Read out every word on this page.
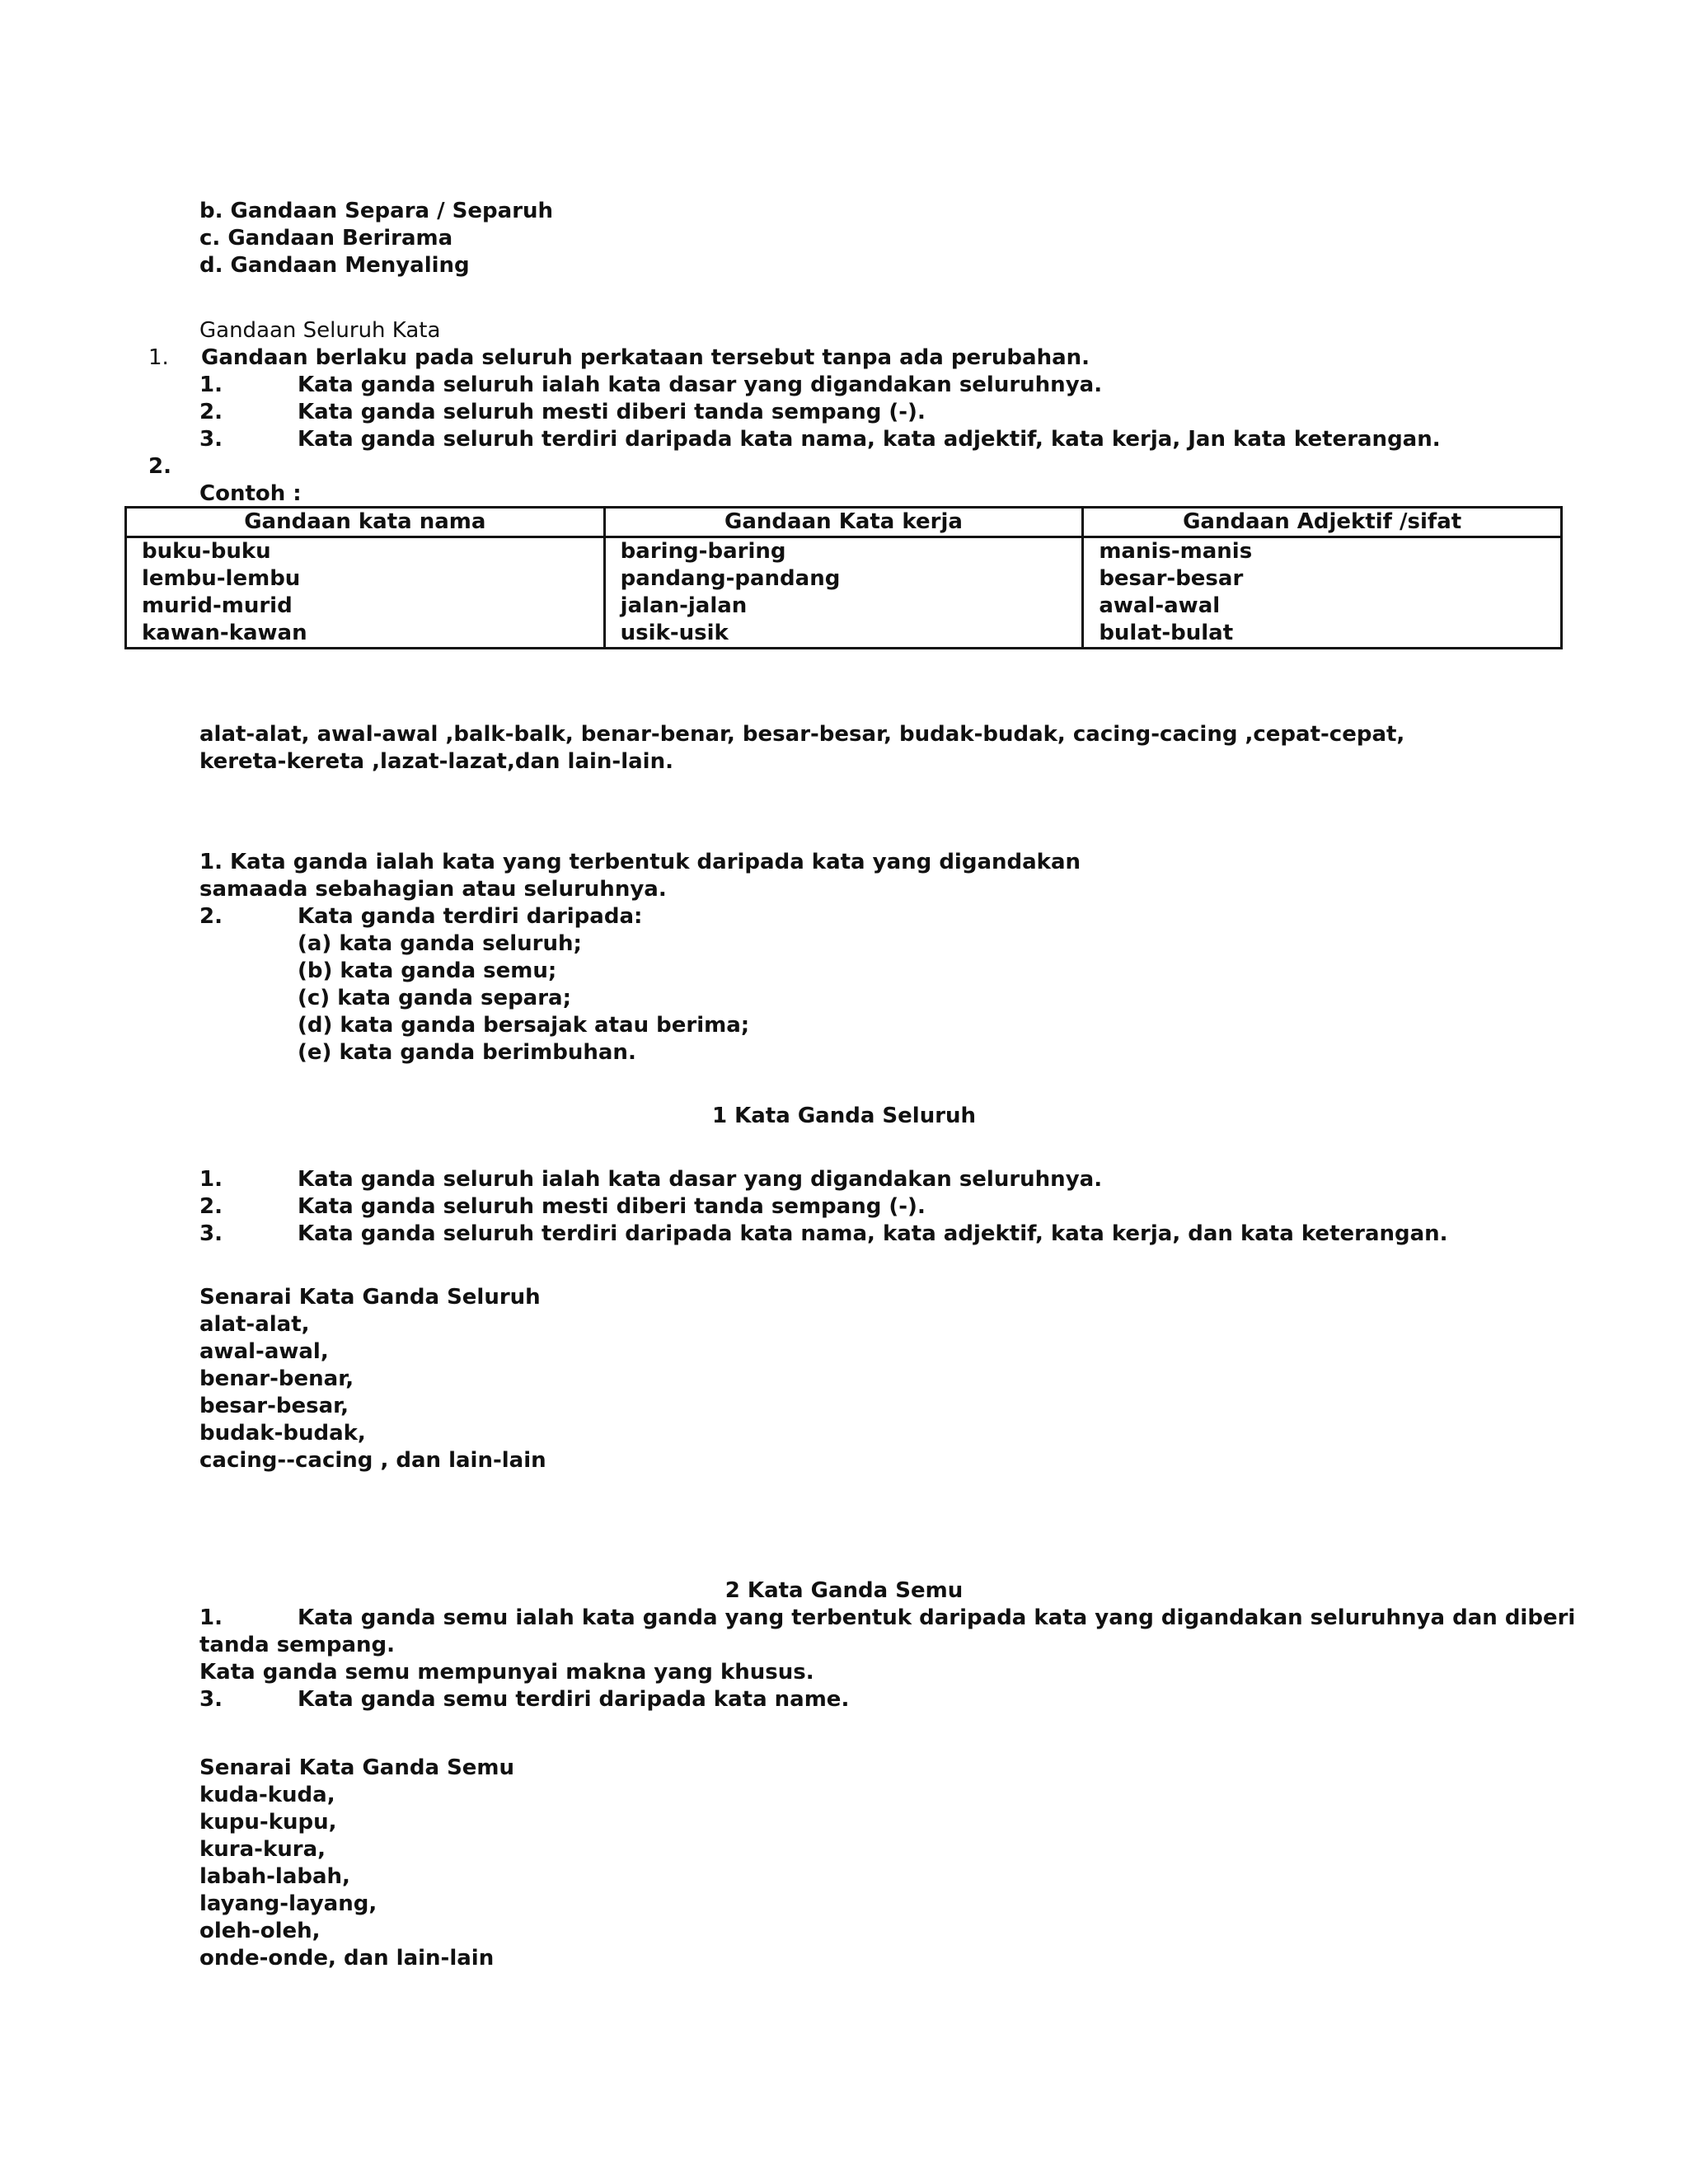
b. Gandaan Separa / Separuh
c. Gandaan Berirama
d. Gandaan Menyaling
Gandaan Seluruh Kata
1. Gandaan berlaku pada seluruh perkataan tersebut tanpa ada perubahan.
1.	Kata ganda seluruh ialah kata dasar yang digandakan seluruhnya.
2.	Kata ganda seluruh mesti diberi tanda sempang (-).
3.	Kata ganda seluruh terdiri daripada kata nama, kata adjektif, kata kerja, Jan kata keterangan.
2.
Contoh :
Gandaan kata nama	Gandaan Kata kerja	Gandaan Adjektif /sifat
buku-buku	baring-baring	manis-manis
lembu-lembu	pandang-pandang	besar-besar
murid-murid	jalan-jalan	awal-awal
kawan-kawan	usik-usik	bulat-bulat
alat-alat, awal-awal ,balk-balk, benar-benar, besar-besar, budak-budak, cacing-cacing ,cepat-cepat,
kereta-kereta ,lazat-lazat,dan lain-lain.
1. Kata ganda ialah kata yang terbentuk daripada kata yang digandakan
samaada sebahagian atau seluruhnya.
2.	Kata ganda terdiri daripada:
(a) kata ganda seluruh;
(b) kata ganda semu;
(c) kata ganda separa;
(d) kata ganda bersajak atau berima;
(e) kata ganda berimbuhan.
1 Kata Ganda Seluruh
1.	Kata ganda seluruh ialah kata dasar yang digandakan seluruhnya.
2.	Kata ganda seluruh mesti diberi tanda sempang (-).
3.	Kata ganda seluruh terdiri daripada kata nama, kata adjektif, kata kerja, dan kata keterangan.
Senarai Kata Ganda Seluruh
alat-alat,
awal-awal,
benar-benar,
besar-besar,
budak-budak,
cacing--cacing , dan lain-lain
2 Kata Ganda Semu
1.	Kata ganda semu ialah kata ganda yang terbentuk daripada kata yang digandakan seluruhnya dan diberi
tanda sempang.
Kata ganda semu mempunyai makna yang khusus.
3.	Kata ganda semu terdiri daripada kata name.
Senarai Kata Ganda Semu
kuda-kuda,
kupu-kupu,
kura-kura,
labah-labah,
layang-layang,
oleh-oleh,
onde-onde, dan lain-lain
